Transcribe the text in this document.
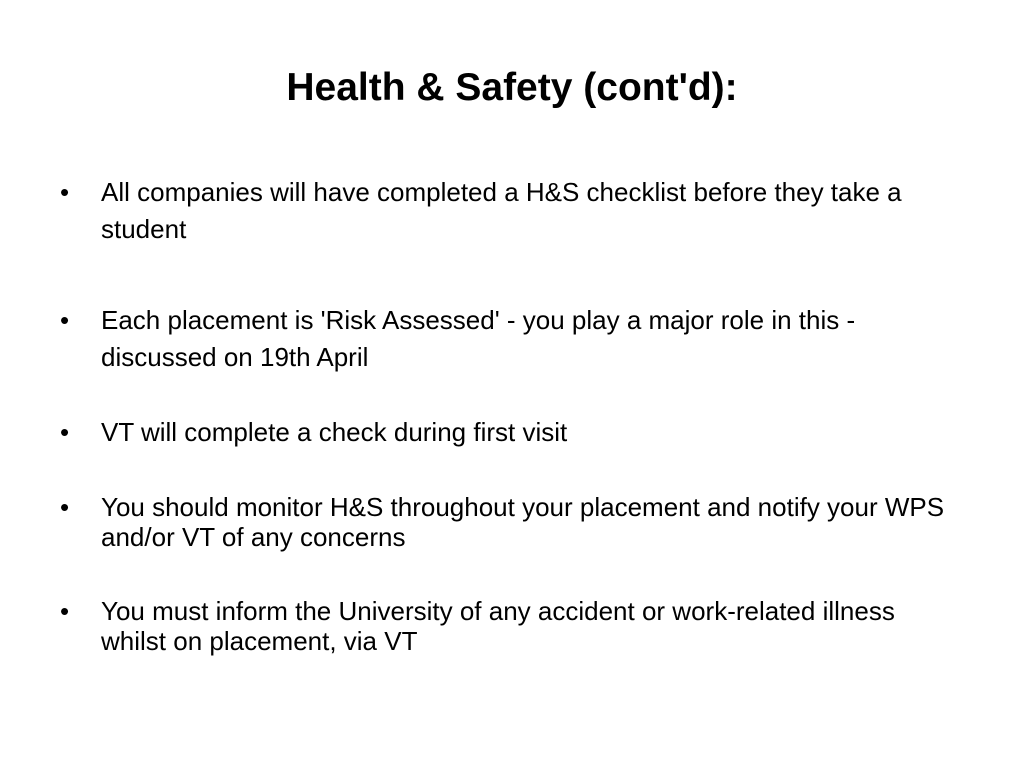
Health & Safety (cont'd):
• All companies will have completed a H&S checklist before they take a student
• Each placement is 'Risk Assessed' - you play a major role in this - discussed on 19th April
• VT will complete a check during first visit
• You should monitor H&S throughout your placement and notify your WPS and/or VT of any concerns
• You must inform the University of any accident or work-related illness whilst on placement, via VT
